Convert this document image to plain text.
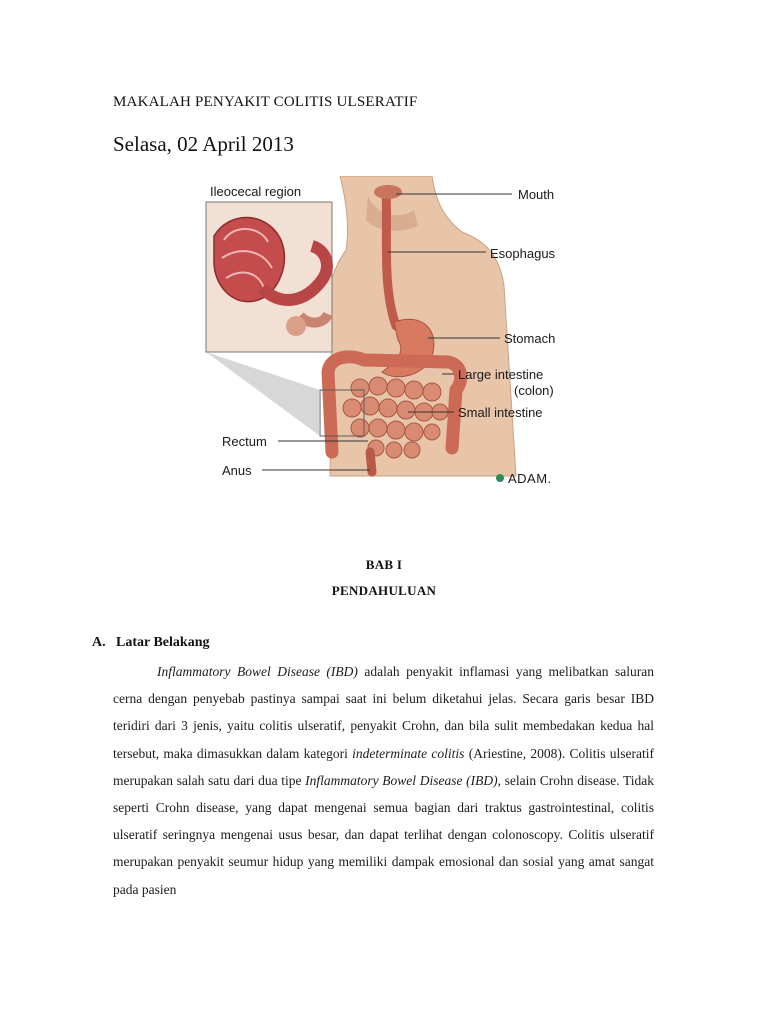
MAKALAH PENYAKIT COLITIS ULSERATIF
Selasa, 02 April 2013
Ileocecal region	Mouth
Esophagus
Stomach
Large intestine
(colon)
Small intestine
Rectum
Anus
ADAM.
BAB I
PENDAHULUAN
A. Latar Belakang
Inflammatory Bowel Disease (IBD) adalah penyakit inflamasi yang melibatkan saluran cerna dengan penyebab pastinya sampai saat ini belum diketahui jelas. Secara garis besar IBD teridiri dari 3 jenis, yaitu colitis ulseratif, penyakit Crohn, dan bila sulit membedakan kedua hal tersebut, maka dimasukkan dalam kategori indeterminate colitis (Ariestine, 2008). Colitis ulseratif merupakan salah satu dari dua tipe Inflammatory Bowel Disease (IBD), selain Crohn disease. Tidak seperti Crohn disease, yang dapat mengenai semua bagian dari traktus gastrointestinal, colitis ulseratif seringnya mengenai usus besar, dan dapat terlihat dengan colonoscopy. Colitis ulseratif merupakan penyakit seumur hidup yang memiliki dampak emosional dan sosial yang amat sangat pada pasien
